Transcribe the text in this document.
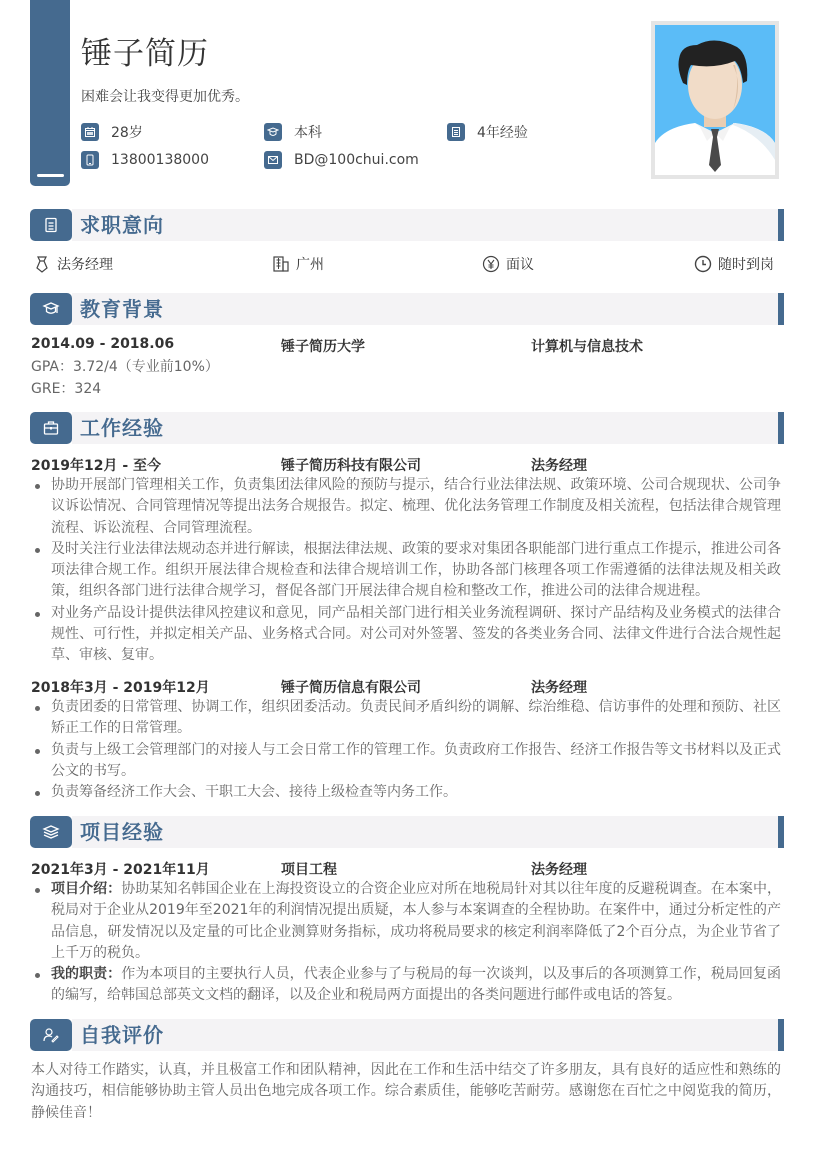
锤子简历
困难会让我变得更加优秀。
28岁	本科	4年经验
13800138000	BD@100chui.com
求职意向
法务经理	广州	面议	随时到岗
教育背景
2014.09 - 2018.06	锤子简历大学	计算机与信息技术
GPA：3.72/4（专业前10%）
GRE：324
工作经验
2019年12月 - 至今	锤子简历科技有限公司	法务经理
协助开展部门管理相关工作，负责集团法律风险的预防与提示，结合行业法律法规、政策环境、公司合规现状、公司争议诉讼情况、合同管理情况等提出法务合规报告。拟定、梳理、优化法务管理工作制度及相关流程，包括法律合规管理流程、诉讼流程、合同管理流程。
及时关注行业法律法规动态并进行解读，根据法律法规、政策的要求对集团各职能部门进行重点工作提示，推进公司各项法律合规工作。组织开展法律合规检查和法律合规培训工作，协助各部门核理各项工作需遵循的法律法规及相关政策，组织各部门进行法律合规学习，督促各部门开展法律合规自检和整改工作，推进公司的法律合规进程。
对业务产品设计提供法律风控建议和意见，同产品相关部门进行相关业务流程调研、探讨产品结构及业务模式的法律合规性、可行性，并拟定相关产品、业务格式合同。对公司对外签署、签发的各类业务合同、法律文件进行合法合规性起草、审核、复审。
2018年3月 - 2019年12月	锤子简历信息有限公司	法务经理
负责团委的日常管理、协调工作，组织团委活动。负责民间矛盾纠纷的调解、综治维稳、信访事件的处理和预防、社区矫正工作的日常管理。
负责与上级工会管理部门的对接人与工会日常工作的管理工作。负责政府工作报告、经济工作报告等文书材料以及正式公文的书写。
负责筹备经济工作大会、干职工大会、接待上级检查等内务工作。
项目经验
2021年3月 - 2021年11月	项目工程	法务经理
项目介绍：协助某知名韩国企业在上海投资设立的合资企业应对所在地税局针对其以往年度的反避税调查。在本案中，税局对于企业从2019年至2021年的利润情况提出质疑，本人参与本案调查的全程协助。在案件中，通过分析定性的产品信息，研发情况以及定量的可比企业测算财务指标，成功将税局要求的核定利润率降低了2个百分点，为企业节省了上千万的税负。
我的职责：作为本项目的主要执行人员，代表企业参与了与税局的每一次谈判，以及事后的各项测算工作，税局回复函的编写，给韩国总部英文文档的翻译，以及企业和税局两方面提出的各类问题进行邮件或电话的答复。
自我评价
本人对待工作踏实，认真，并且极富工作和团队精神，因此在工作和生活中结交了许多朋友，具有良好的适应性和熟练的沟通技巧，相信能够协助主管人员出色地完成各项工作。综合素质佳，能够吃苦耐劳。感谢您在百忙之中阅览我的简历，静候佳音！
